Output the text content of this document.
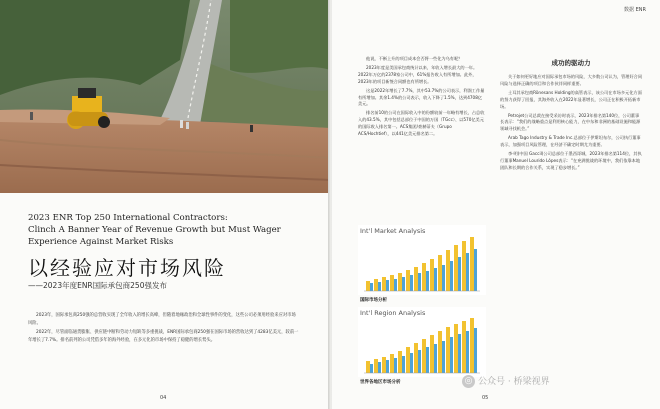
2023 ENR Top 250 International Contractors:
Clinch A Banner Year of Revenue Growth but Must Wager
Experience Against Market Risks
以经验应对市场风险
——2023年度ENR国际承包商250强发布

2023年，国际承包商250强的总营收实现了全年收入的增长高峰，但随着地缘政治和全球性事件的变化，这些公司必须用经验来应对市场风险。

2022年，尽管面临通货膨胀、供应链中断和劳动力短缺等多重挑战，ENR国际承包商250强在国际市场的营收达到了4283亿美元，较前一年增长了7.7%。排名前列的公司凭借多年的海外经验，在多元化的市场中保持了稳健的增长势头。

04
数据 ENR

他说，不断上升的项目成本会否将一些化为乌有呢？

2023年度是美国承包商统计以来，年收入增长最大的一年。2022年万亿的2378家公司中，61%报告收入有所增加。此外，2023年的项目新签合同额也有所增长。

这是2022年增长了7.7%，其中53.7%的公司表示，利润工作量有所增加。其余1.4%的公司表示，收入下降了1.5%，达到4708亿美元。

排名前10的公司在国际收入中的份额较前一年略有增长，占总收入的43.5%，其中包括总部位于中国的万国（TGcc）、以570亿美元的国际收入排名第一。ACS集团/豪赫蒂夫（Grupo ACS/Hochtief），以441亿美元排名第二。

Int'l Market Analysis
国际市场分析
Int'l Region Analysis
世界各地区市场分析
成功的驱动力

关于如何更好地应对国际承包市场的风险，大多数公司认为，管理好合同风险与选择正确的项目和合作伙伴同样重要。

土耳其承包商Rönesans Holding的高管表示，该公司在市场多元化方面的努力获得了回报，其海外收入在2022年显著增长，公司正在积极开拓新市场。

Petrojet公司总裁在接受采访时表示，2023年排名第140位，公司董事长表示：“我们的战略重点是利用核心能力，在中东和非洲的基础设施和能源领域寻找机会。”

Arab Tago Industry & Trade Inc.总部位于伊斯坦布尔，公司执行董事表示，加强项目风险管理，在经济不确定时期尤为重要。

李·明(中国 Gaccil)公司总部位于墨西哥城，2023年排名第114位，其执行董事Manuel Lourido Lópes表示：“在充满挑战的环境中，我们依靠本地团队和长期的合作关系，实现了稳步增长。”

◎ 公众号 · 桥梁视界
05
